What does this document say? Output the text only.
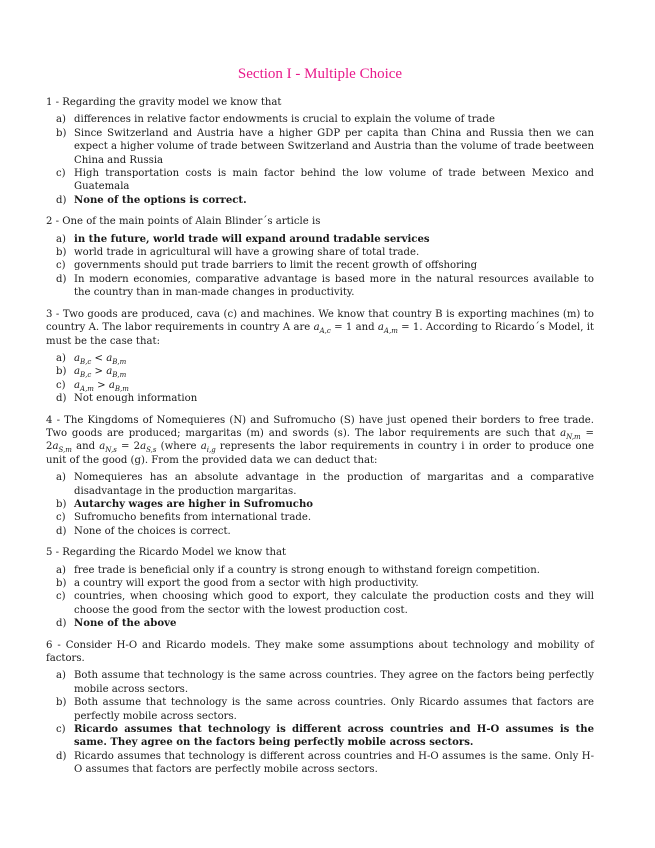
Section I - Multiple Choice
1 - Regarding the gravity model we know that
a) differences in relative factor endowments is crucial to explain the volume of trade
b) Since Switzerland and Austria have a higher GDP per capita than China and Russia then we can expect a higher volume of trade between Switzerland and Austria than the volume of trade beetween China and Russia
c) High transportation costs is main factor behind the low volume of trade between Mexico and Guatemala
d) None of the options is correct.
2 - One of the main points of Alain Blinder´s article is
a) in the future, world trade will expand around tradable services
b) world trade in agricultural will have a growing share of total trade.
c) governments should put trade barriers to limit the recent growth of offshoring
d) In modern economies, comparative advantage is based more in the natural resources available to the country than in man-made changes in productivity.
3 - Two goods are produced, cava (c) and machines. We know that country B is exporting machines (m) to country A. The labor requirements in country A are $a_{A,c} = 1$ and $a_{A,m} = 1$. According to Ricardo´s Model, it must be the case that:
a) $a_{B,c} < a_{B,m}$
b) $a_{B,c} > a_{B,m}$
c) $a_{A,m} > a_{B,m}$
d) Not enough information
4 - The Kingdoms of Nomequieres (N) and Sufromucho (S) have just opened their borders to free trade. Two goods are produced; margaritas (m) and swords (s). The labor requirements are such that $a_{N,m} = 2a_{S,m}$ and $a_{N,s} = 2a_{S,s}$ (where $a_{i,g}$ represents the labor requirements in country i in order to produce one unit of the good (g). From the provided data we can deduct that:
a) Nomequieres has an absolute advantage in the production of margaritas and a comparative disadvantage in the production margaritas.
b) Autarchy wages are higher in Sufromucho
c) Sufromucho benefits from international trade.
d) None of the choices is correct.
5 - Regarding the Ricardo Model we know that
a) free trade is beneficial only if a country is strong enough to withstand foreign competition.
b) a country will export the good from a sector with high productivity.
c) countries, when choosing which good to export, they calculate the production costs and they will choose the good from the sector with the lowest production cost.
d) None of the above
6 - Consider H-O and Ricardo models. They make some assumptions about technology and mobility of factors.
a) Both assume that technology is the same across countries. They agree on the factors being perfectly mobile across sectors.
b) Both assume that technology is the same across countries. Only Ricardo assumes that factors are perfectly mobile across sectors.
c) Ricardo assumes that technology is different across countries and H-O assumes is the same. They agree on the factors being perfectly mobile across sectors.
d) Ricardo assumes that technology is different across countries and H-O assumes is the same. Only H-O assumes that factors are perfectly mobile across sectors.
